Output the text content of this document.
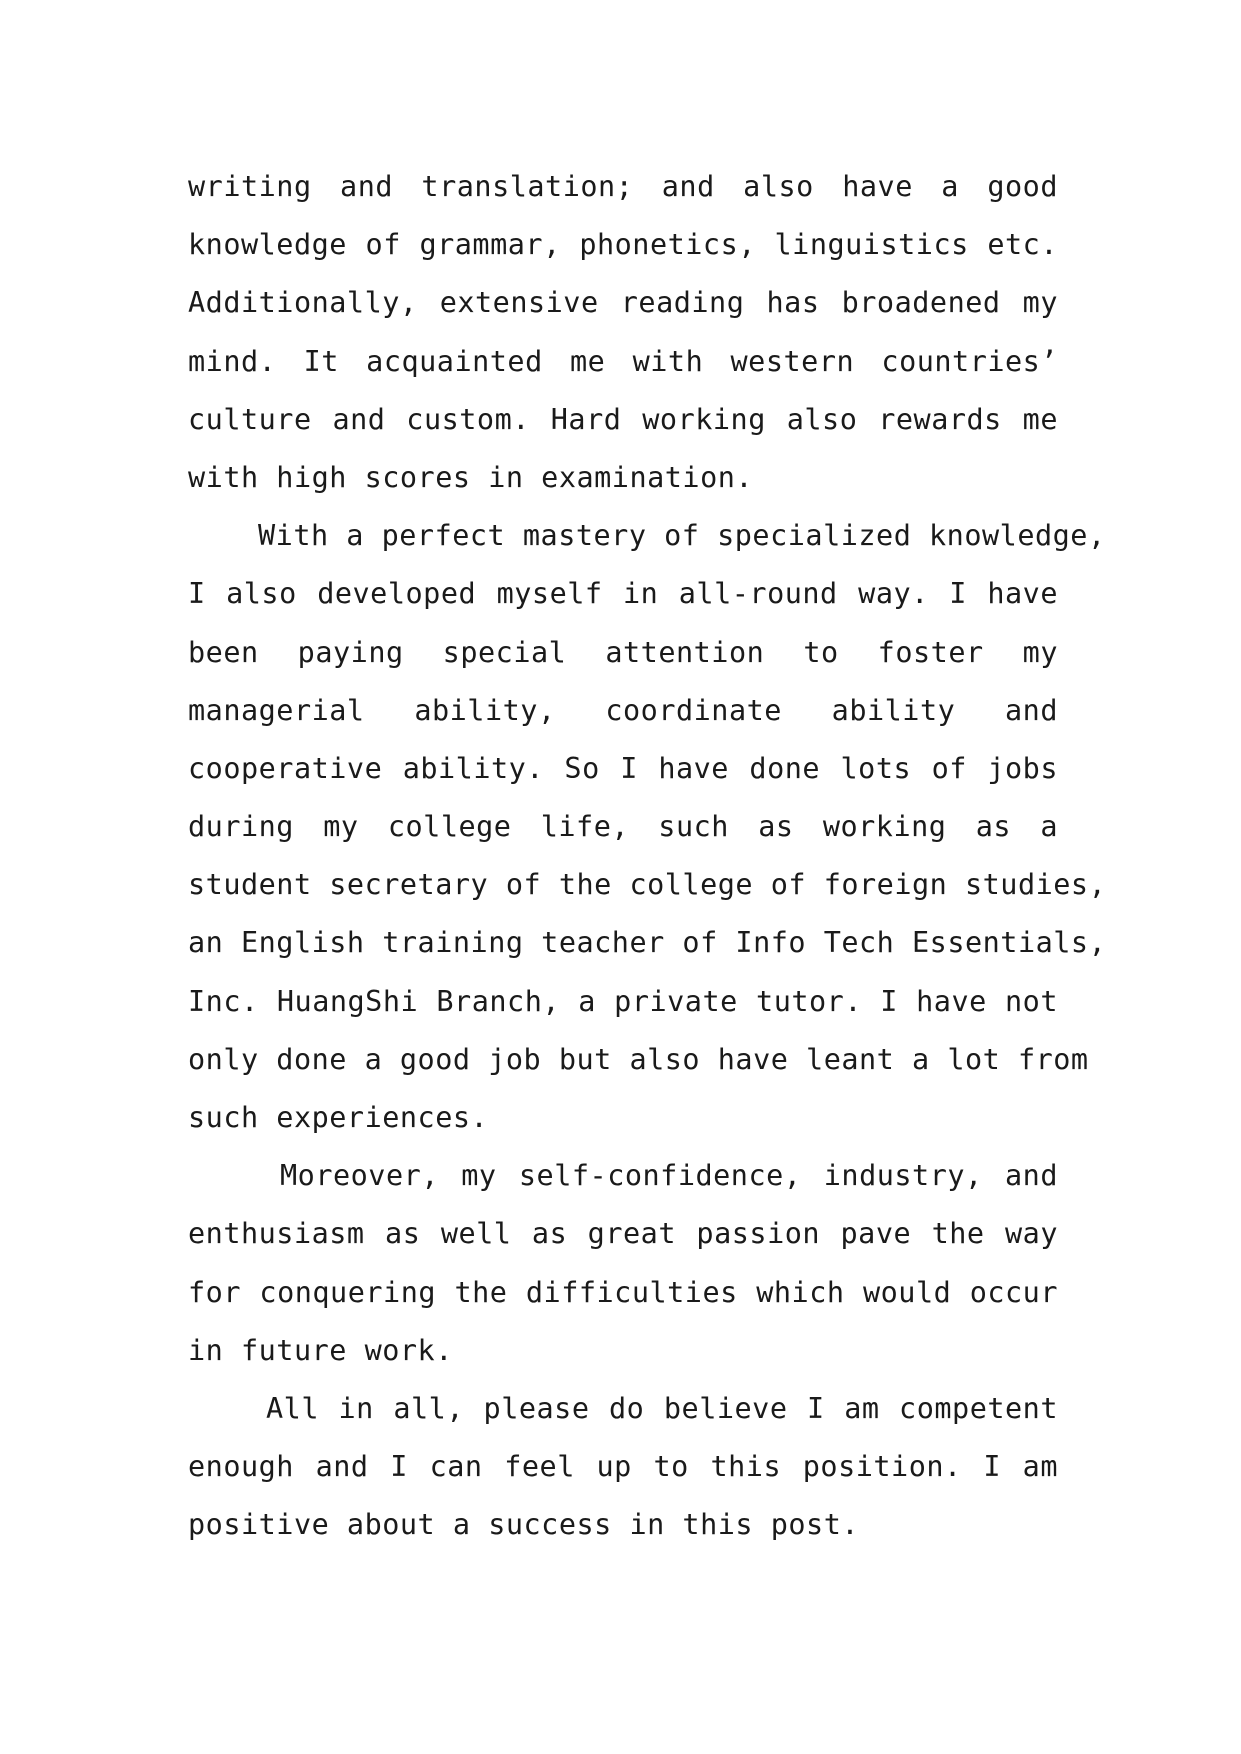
writing and translation; and also have a good
knowledge of grammar, phonetics, linguistics etc.
Additionally, extensive reading has broadened my
mind. It acquainted me with western countries’
culture and custom. Hard working also rewards me
with high scores in examination.
With a perfect mastery of specialized knowledge,
I also developed myself in all-round way. I have
been paying special attention to foster my
managerial ability, coordinate ability and
cooperative ability. So I have done lots of jobs
during my college life, such as working as a
student secretary of the college of foreign studies,
an English training teacher of Info Tech Essentials,
Inc. HuangShi Branch, a private tutor. I have not
only done a good job but also have leant a lot from
such experiences.
Moreover, my self-confidence, industry, and
enthusiasm as well as great passion pave the way
for conquering the difficulties which would occur
in future work.
All in all, please do believe I am competent
enough and I can feel up to this position. I am
positive about a success in this post.
